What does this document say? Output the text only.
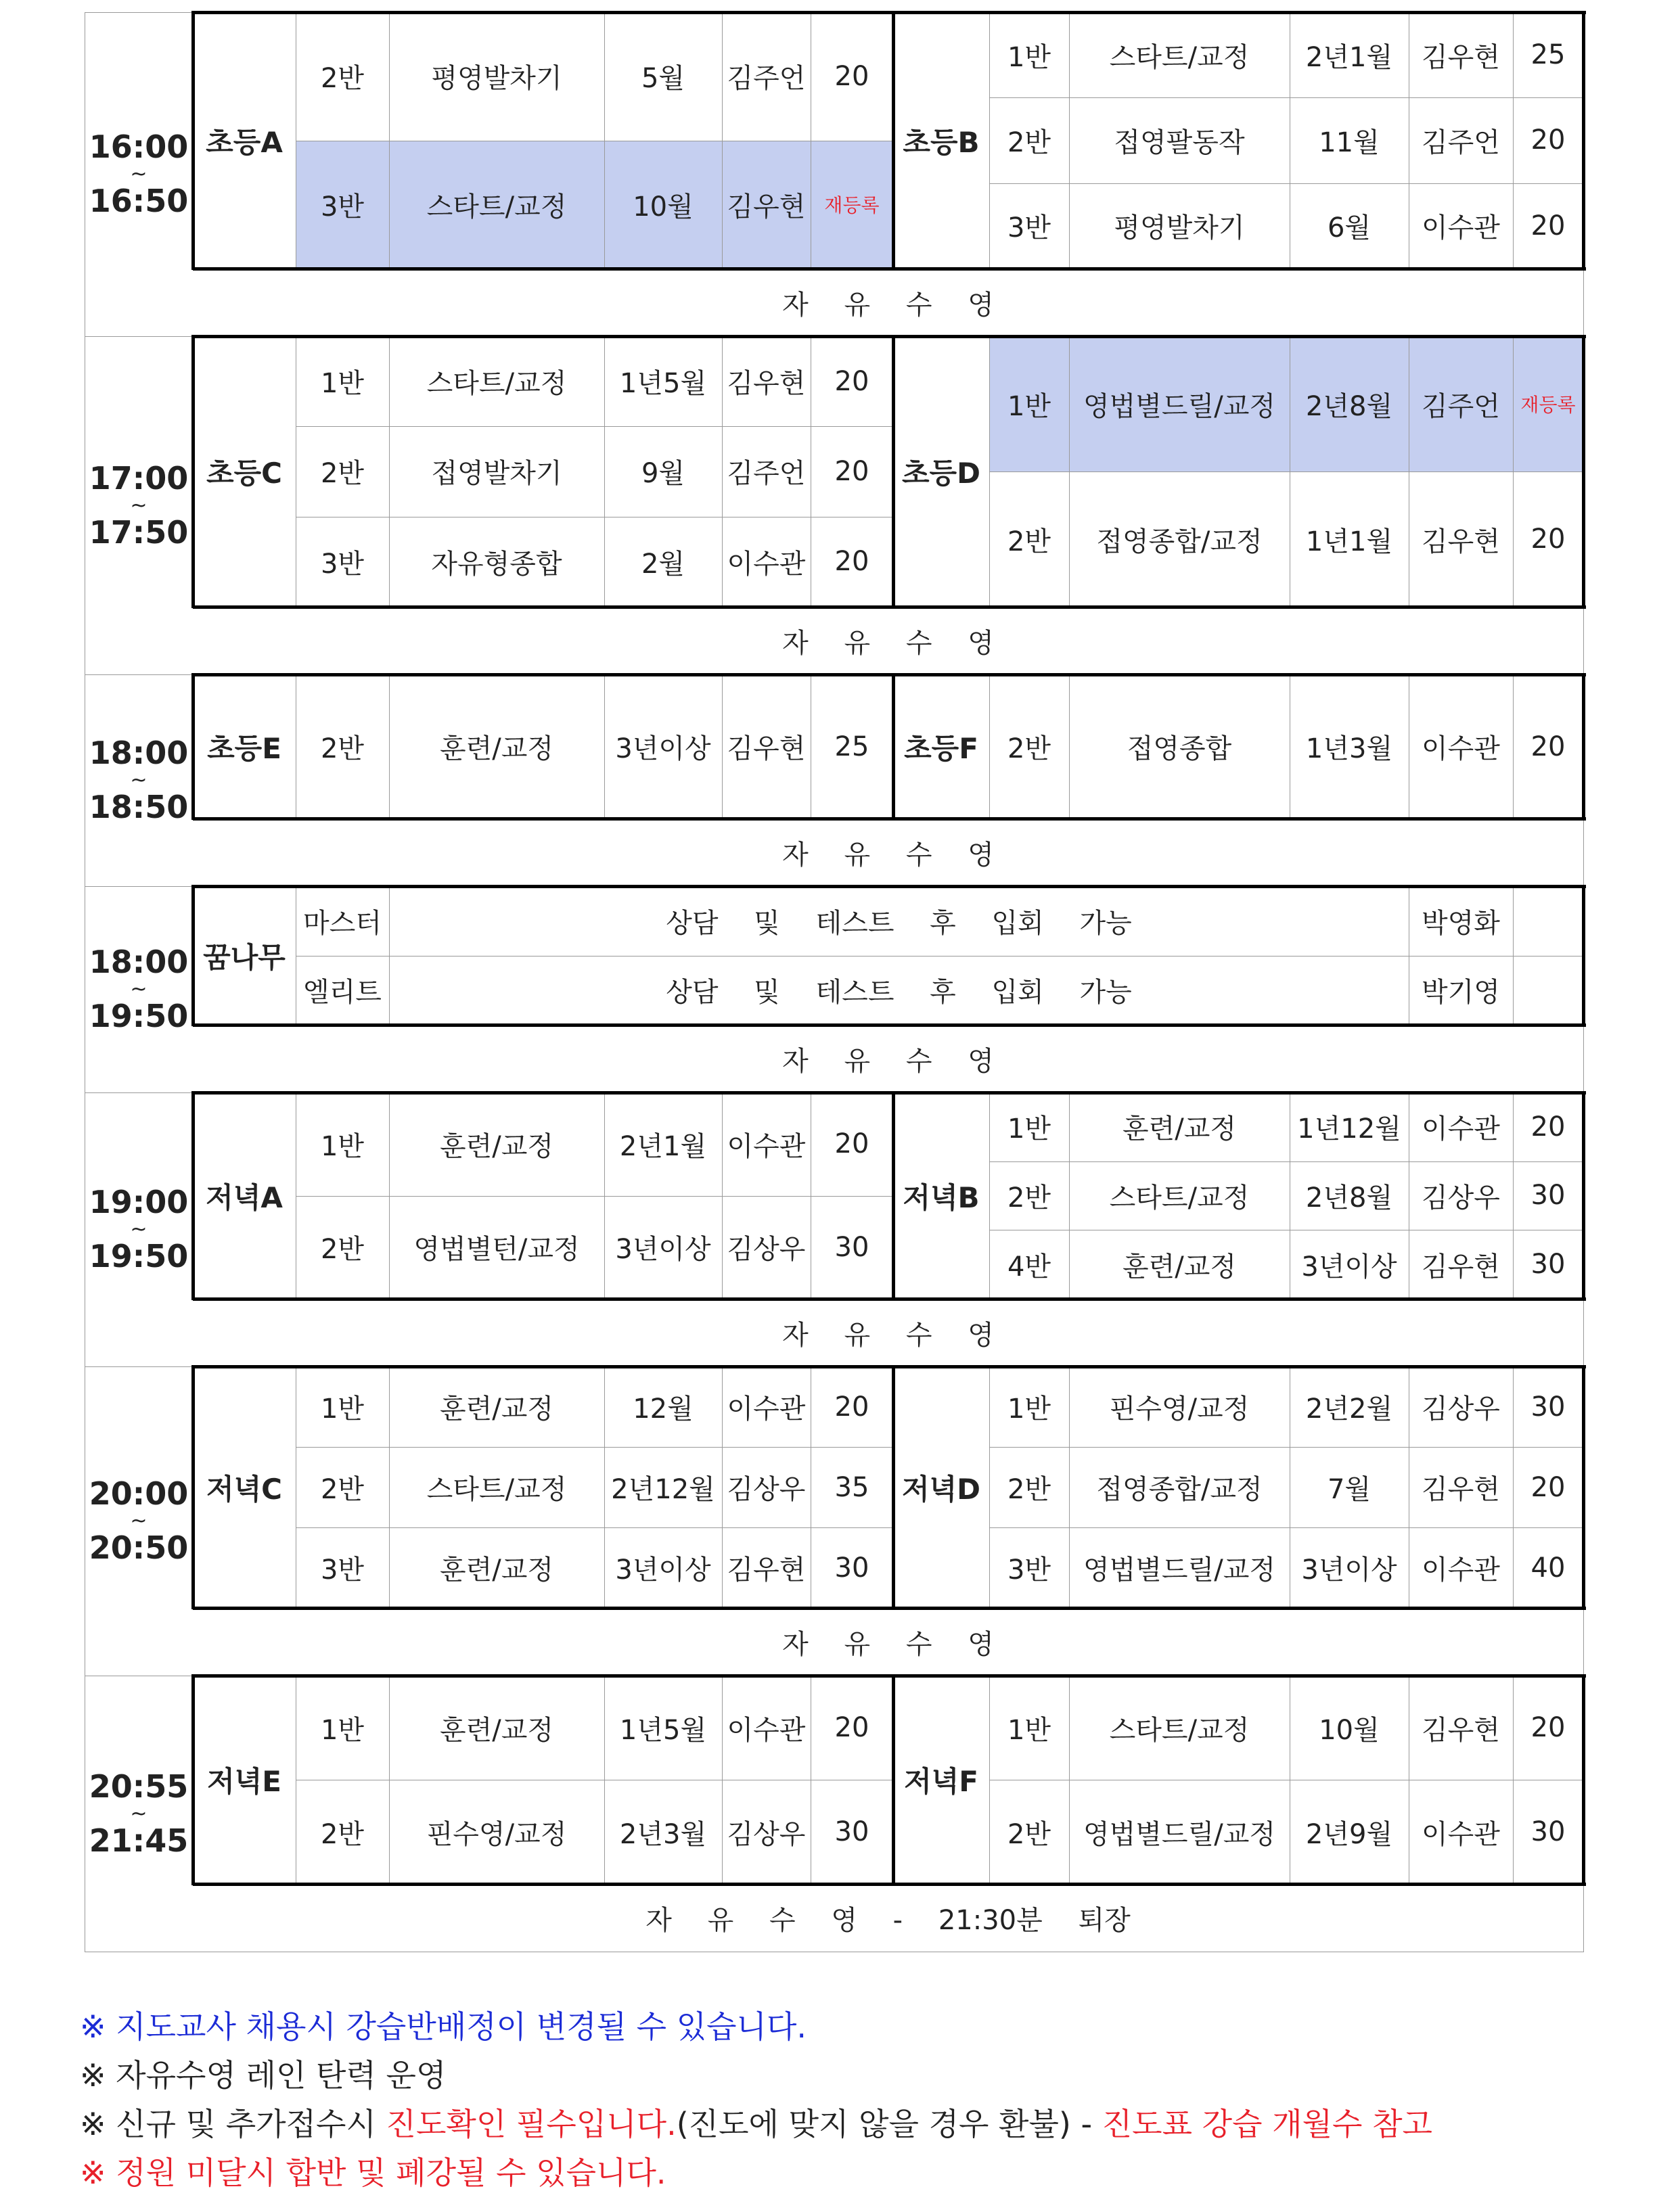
16:00
~
16:50
자 유 수 영
초등A
2반	평영발차기	5월	김주언	20
3반	스타트/교정	10월	김우현 재등록
초등B
1반	스타트/교정	2년1월	김우현	25
2반	접영팔동작	11월	김주언	20
3반	평영발차기	6월	이수관	20
17:00
~
17:50
자 유 수 영
초등C
1반	스타트/교정	1년5월 김우현	20
2반	접영발차기	9월	김주언	20
3반	자유형종합	2월	이수관	20
초등D
1반	영법별드릴/교정	2년8월	김주언	재등록
2반	접영종합/교정	1년1월	김우현	20
18:00
~
18:50
자 유 수 영
초등E	2반	훈련/교정	3년이상 김우현	25	초등F	2반	접영종합	1년3월	이수관	20
18:00
~
19:50
자 유 수 영
꿈나무
마스터	상담 및 테스트 후 입회 가능	박영화
엘리트	상담 및 테스트 후 입회 가능	박기영
19:00
~
19:50
자 유 수 영
저녁A
1반	훈련/교정	2년1월 이수관	20
2반	영법별턴/교정	3년이상 김상우	30
저녁B
1반	훈련/교정	1년12월 이수관	20
2반	스타트/교정	2년8월	김상우	30
4반	훈련/교정	3년이상 김우현	30
20:00
~
20:50
자 유 수 영
저녁C
1반	훈련/교정	12월	이수관	20
2반	스타트/교정	2년12월 김상우	35
3반	훈련/교정	3년이상 김우현	30
저녁D
1반	핀수영/교정	2년2월	김상우	30
2반	접영종합/교정	7월	김우현	20
3반	영법별드릴/교정 3년이상 이수관	40
20:55
~
21:45
자 유 수 영 - 21:30분 퇴장
저녁E
1반	훈련/교정	1년5월 이수관	20
2반	핀수영/교정	2년3월 김상우	30
저녁F
1반	스타트/교정	10월	김우현	20
2반	영법별드릴/교정	2년9월	이수관	30
※ 지도교사 채용시 강습반배정이 변경될 수 있습니다.
※ 자유수영 레인 탄력 운영
※ 신규 및 추가접수시 진도확인 필수입니다.(진도에 맞지 않을 경우 환불) - 진도표 강습 개월수 참고
※ 정원 미달시 합반 및 폐강될 수 있습니다.
